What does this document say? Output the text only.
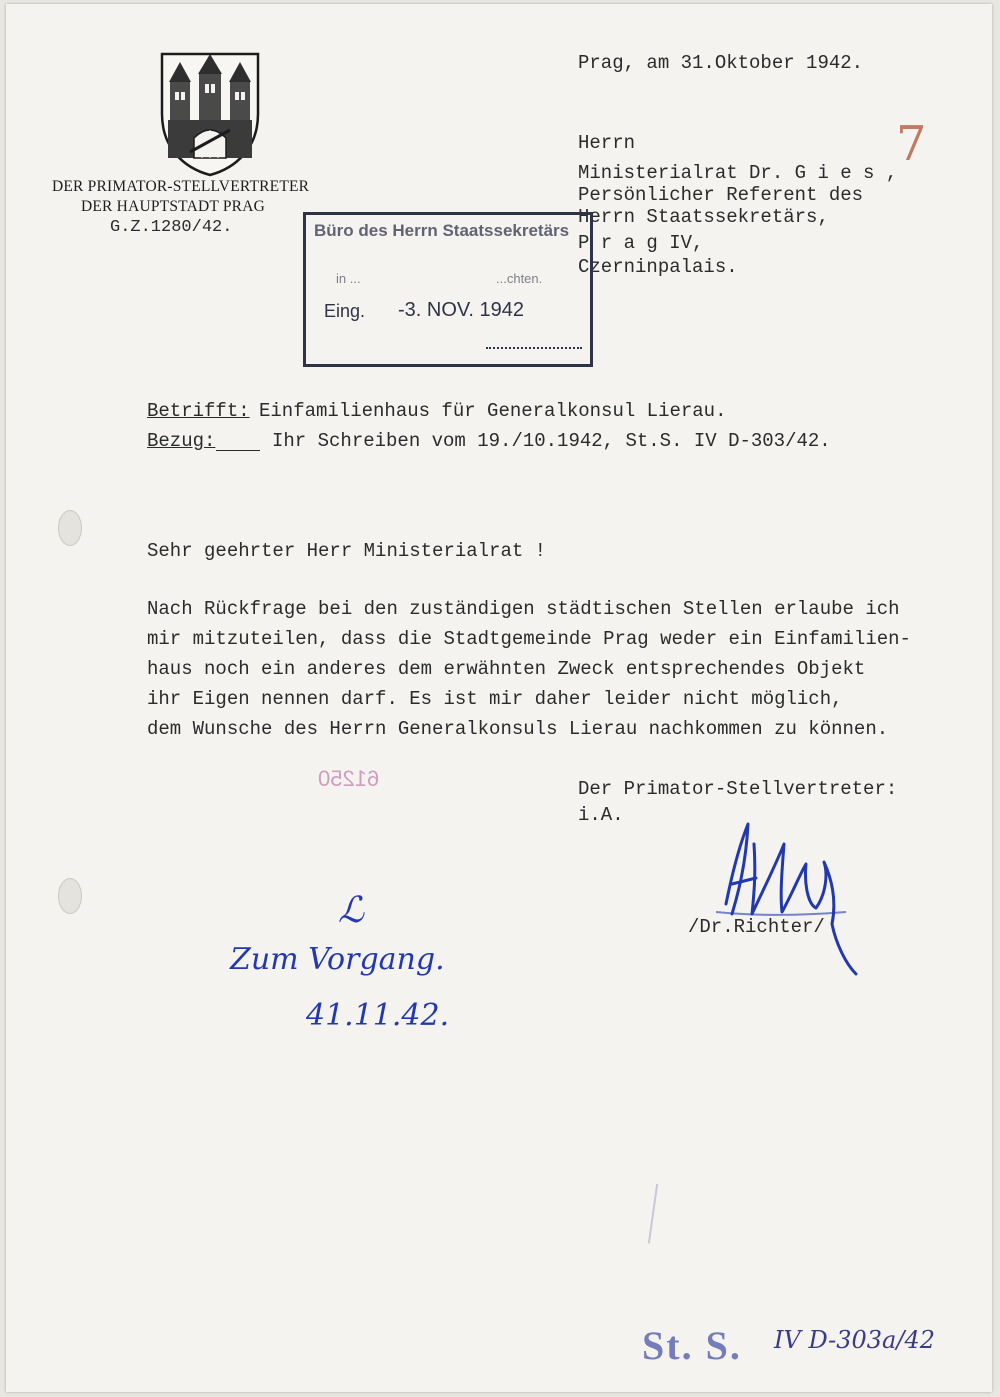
DER PRIMATOR-STELLVERTRETER
DER HAUPTSTADT PRAG
G.Z.1280/42.
Prag, am 31.Oktober 1942.
7
Herrn
Ministerialrat Dr. G i e s ,
Persönlicher Referent des
Herrn Staatssekretärs,
P r a g IV,
Czerninpalais.
Büro des Herrn Staatssekretärs
in ...	...chten.
Eing. -3. NOV. 1942
Betrifft: Einfamilienhaus für Generalkonsul Lierau.
Bezug:	Ihr Schreiben vom 19./10.1942, St.S. IV D-303/42.
Sehr geehrter Herr Ministerialrat !
Nach Rückfrage bei den zuständigen städtischen Stellen erlaube ich
mir mitzuteilen, dass die Stadtgemeinde Prag weder ein Einfamilien-
haus noch ein anderes dem erwähnten Zweck entsprechendes Objekt
ihr Eigen nennen darf. Es ist mir daher leider nicht möglich,
dem Wunsche des Herrn Generalkonsuls Lierau nachkommen zu können.
61250	Der Primator-Stellvertreter:
i.A.
/Dr.Richter/
ℒ
Zum Vorgang.
41.11.42.
St. S. IV D-303a/42
